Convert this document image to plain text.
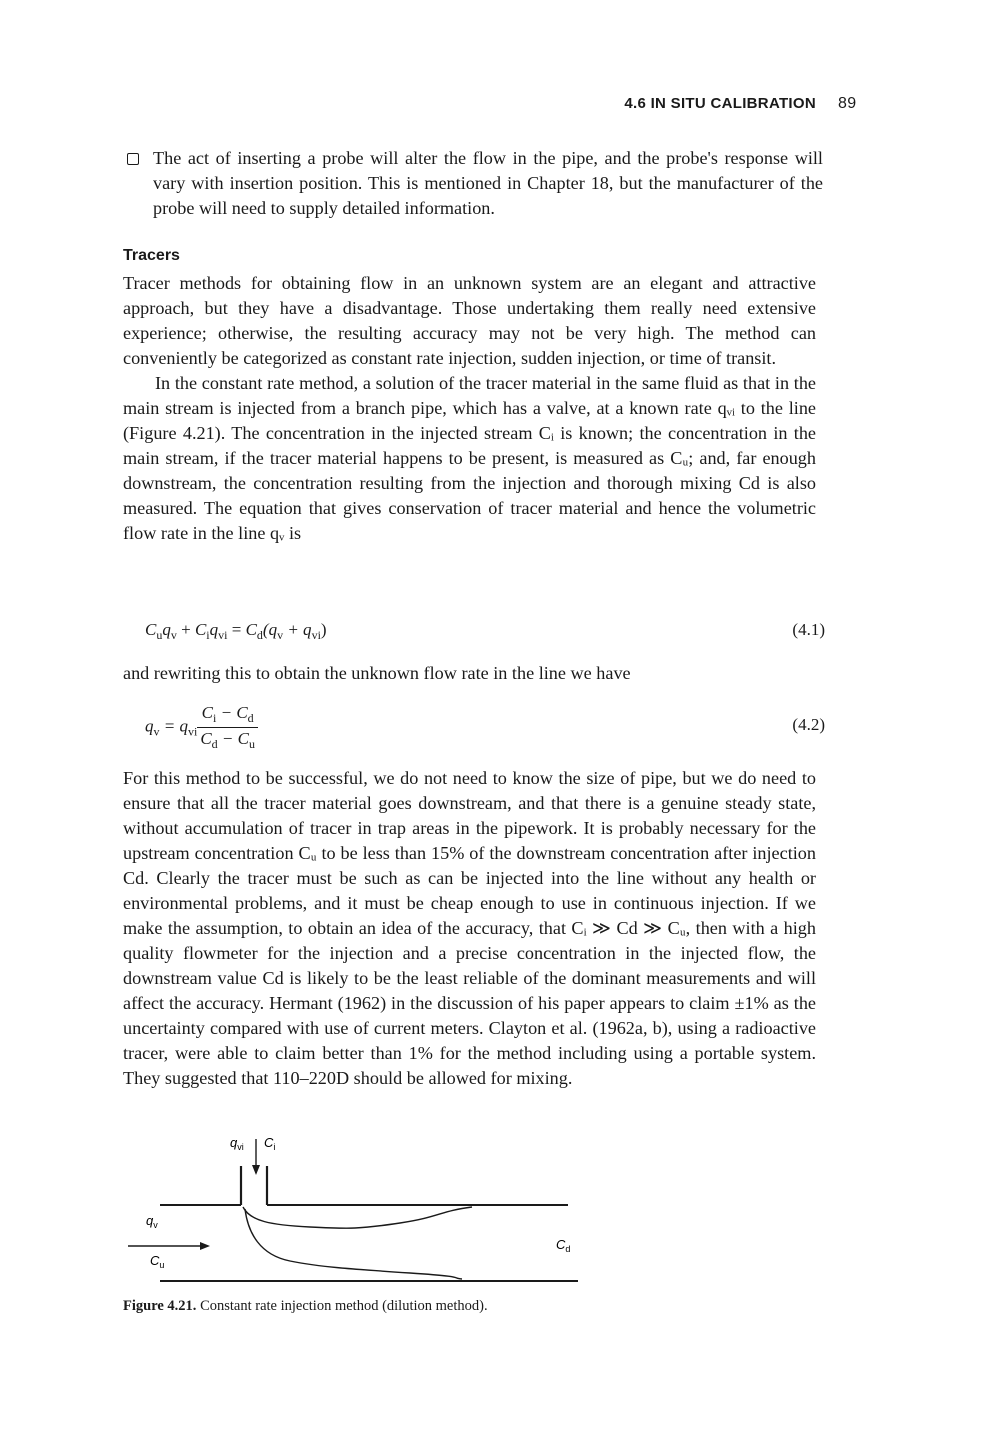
4.6 IN SITU CALIBRATION 89

The act of inserting a probe will alter the flow in the pipe, and the probe's response will vary with insertion position. This is mentioned in Chapter 18, but the manufacturer of the probe will need to supply detailed information.

Tracers

Tracer methods for obtaining flow in an unknown system are an elegant and attractive approach, but they have a disadvantage. Those undertaking them really need extensive experience; otherwise, the resulting accuracy may not be very high. The method can conveniently be categorized as constant rate injection, sudden injection, or time of transit.

In the constant rate method, a solution of the tracer material in the same fluid as that in the main stream is injected from a branch pipe, which has a valve, at a known rate qᵥᵢ to the line (Figure 4.21). The concentration in the injected stream Cᵢ is known; the concentration in the main stream, if the tracer material happens to be present, is measured as Cᵤ; and, far enough downstream, the concentration resulting from the injection and thorough mixing Cd is also measured. The equation that gives conservation of tracer material and hence the volumetric flow rate in the line qᵥ is

$C_uq_v + C_iq_{vi} = C_d(q_v + q_{vi})$	(4.1)

and rewriting this to obtain the unknown flow rate in the line we have

$q_v = q_{vi} \frac{C_i - C_d}{C_d - C_u}$	(4.2)

For this method to be successful, we do not need to know the size of pipe, but we do need to ensure that all the tracer material goes downstream, and that there is a genuine steady state, without accumulation of tracer in trap areas in the pipework. It is probably necessary for the upstream concentration Cᵤ to be less than 15% of the downstream concentration after injection Cd. Clearly the tracer must be such as can be injected into the line without any health or environmental problems, and it must be cheap enough to use in continuous injection. If we make the assumption, to obtain an idea of the accuracy, that Cᵢ ≫ Cd ≫ Cᵤ, then with a high quality flowmeter for the injection and a precise concentration in the injected flow, the downstream value Cd is likely to be the least reliable of the dominant measurements and will affect the accuracy. Hermant (1962) in the discussion of his paper appears to claim ±1% as the uncertainty compared with use of current meters. Clayton et al. (1962a, b), using a radioactive tracer, were able to claim better than 1% for the method including using a portable system. They suggested that 110–220D should be allowed for mixing.

$q_{vi}$ $C_i$
$q_v$
$C_u$
$C_d$
Figure 4.21. Constant rate injection method (dilution method).
